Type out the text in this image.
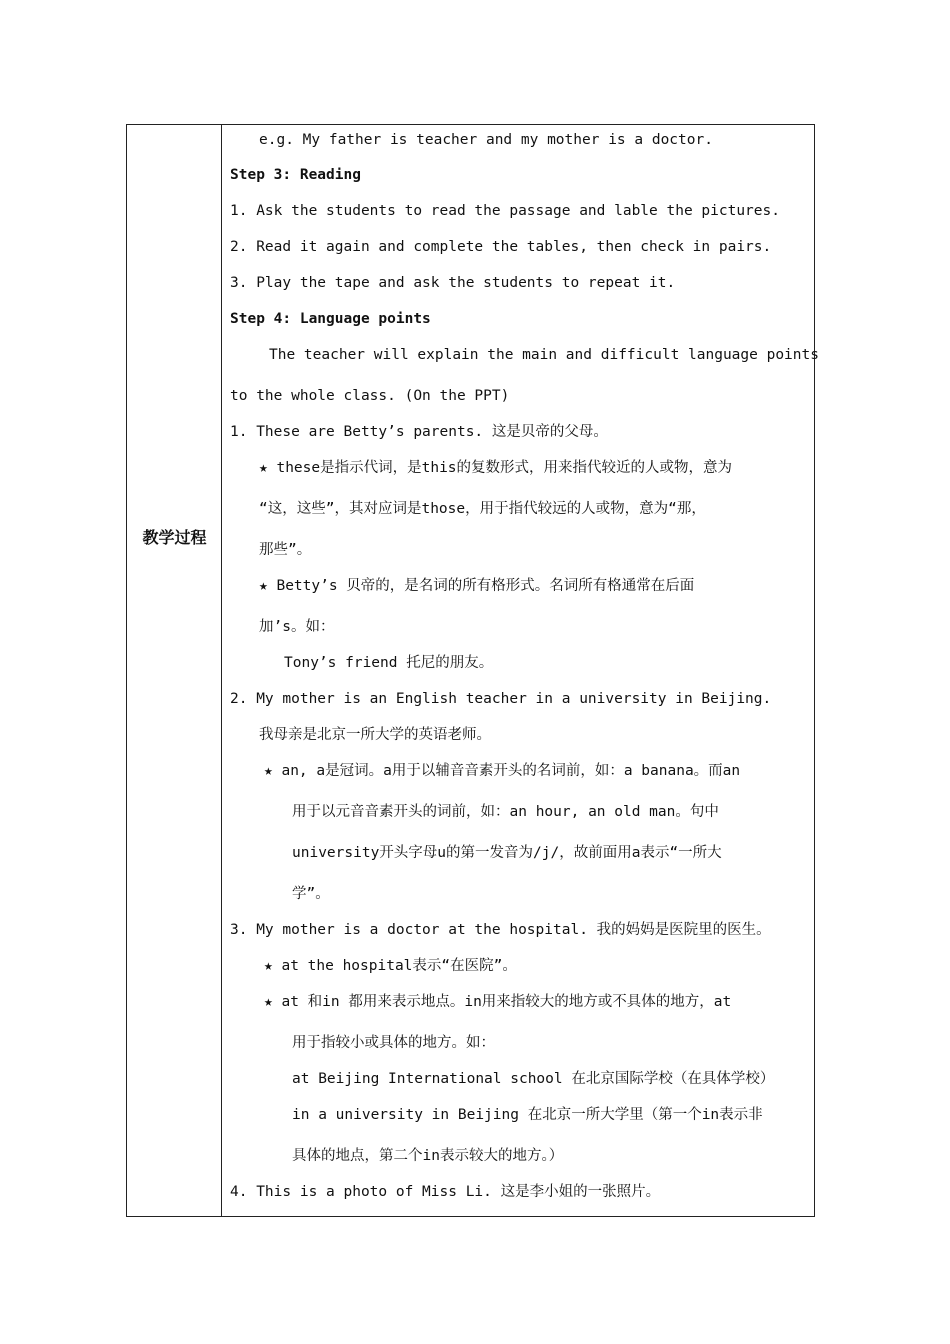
教学过程
e.g. My father is teacher and my mother is a doctor.
Step 3: Reading
1. Ask the students to read the passage and lable the pictures.
2. Read it again and complete the tables, then check in pairs.
3. Play the tape and ask the students to repeat it.
Step 4: Language points
The teacher will explain the main and difficult language points
to the whole class. (On the PPT)
1. These are Betty’s parents. 这是贝帝的父母。
★ these是指示代词，是this的复数形式，用来指代较近的人或物，意为
“这，这些”，其对应词是those，用于指代较远的人或物，意为“那，
那些”。
★ Betty’s 贝帝的，是名词的所有格形式。名词所有格通常在后面
加’s。如：
Tony’s friend 托尼的朋友。
2. My mother is an English teacher in a university in Beijing.
我母亲是北京一所大学的英语老师。
★ an, a是冠词。a用于以辅音音素开头的名词前，如：a banana。而an
用于以元音音素开头的词前，如：an hour, an old man。句中
university开头字母u的第一发音为/j/，故前面用a表示“一所大
学”。
3. My mother is a doctor at the hospital. 我的妈妈是医院里的医生。
★ at the hospital表示“在医院”。
★ at 和in 都用来表示地点。in用来指较大的地方或不具体的地方，at
用于指较小或具体的地方。如：
at Beijing International school 在北京国际学校（在具体学校）
in a university in Beijing 在北京一所大学里（第一个in表示非
具体的地点，第二个in表示较大的地方。）
4. This is a photo of Miss Li. 这是李小姐的一张照片。
